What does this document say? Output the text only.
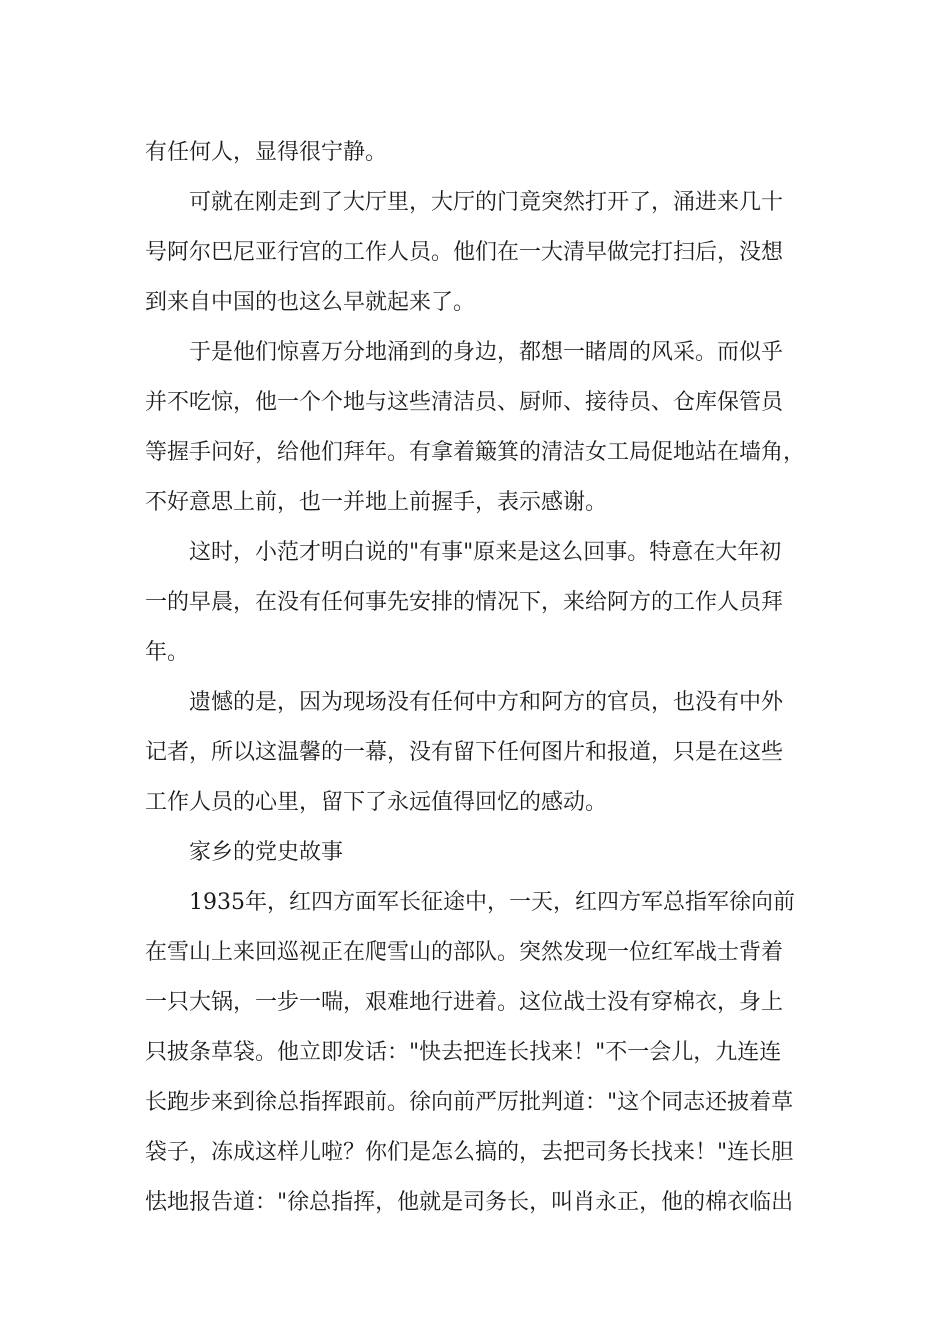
有任何人，显得很宁静。
可就在刚走到了大厅里，大厅的门竟突然打开了，涌进来几十
号阿尔巴尼亚行宫的工作人员。他们在一大清早做完打扫后，没想
到来自中国的也这么早就起来了。
于是他们惊喜万分地涌到的身边，都想一睹周的风采。而似乎
并不吃惊，他一个个地与这些清洁员、厨师、接待员、仓库保管员
等握手问好，给他们拜年。有拿着簸箕的清洁女工局促地站在墙角，
不好意思上前，也一并地上前握手，表示感谢。
这时，小范才明白说的"有事"原来是这么回事。特意在大年初
一的早晨，在没有任何事先安排的情况下，来给阿方的工作人员拜
年。
遗憾的是，因为现场没有任何中方和阿方的官员，也没有中外
记者，所以这温馨的一幕，没有留下任何图片和报道，只是在这些
工作人员的心里，留下了永远值得回忆的感动。
家乡的党史故事
1935年，红四方面军长征途中，一天，红四方军总指军徐向前
在雪山上来回巡视正在爬雪山的部队。突然发现一位红军战士背着
一只大锅，一步一喘，艰难地行进着。这位战士没有穿棉衣，身上
只披条草袋。他立即发话："快去把连长找来！"不一会儿，九连连
长跑步来到徐总指挥跟前。徐向前严厉批判道："这个同志还披着草
袋子，冻成这样儿啦？你们是怎么搞的，去把司务长找来！"连长胆
怯地报告道："徐总指挥，他就是司务长，叫肖永正，他的棉衣临出
